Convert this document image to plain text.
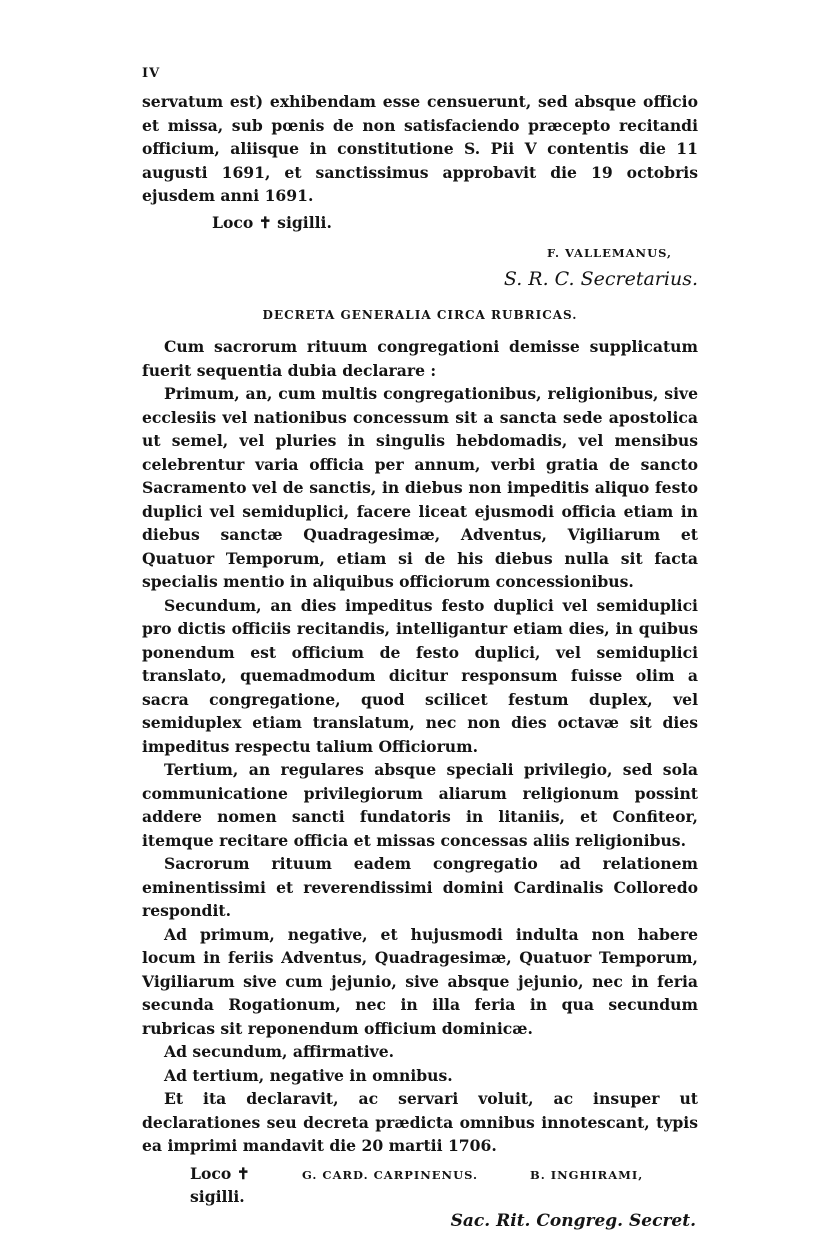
IV

servatum est) exhibendam esse censuerunt, sed absque officio et missa, sub pœnis de non satisfaciendo præcepto recitandi officium, aliisque in constitutione S. Pii V contentis die 11 augusti 1691, et sanctissimus approbavit die 19 octobris ejusdem anni 1691.

Loco ✝ sigilli.

F. VALLEMANUS,

S. R. C. Secretarius.

DECRETA GENERALIA CIRCA RUBRICAS.

Cum sacrorum rituum congregationi demisse supplicatum fuerit sequentia dubia declarare :

Primum, an, cum multis congregationibus, religionibus, sive ecclesiis vel nationibus concessum sit a sancta sede apostolica ut semel, vel pluries in singulis hebdomadis, vel mensibus celebrentur varia officia per annum, verbi gratia de sancto Sacramento vel de sanctis, in diebus non impeditis aliquo festo duplici vel semiduplici, facere liceat ejusmodi officia etiam in diebus sanctæ Quadragesimæ, Adventus, Vigiliarum et Quatuor Temporum, etiam si de his diebus nulla sit facta specialis mentio in aliquibus officiorum concessionibus.

Secundum, an dies impeditus festo duplici vel semiduplici pro dictis officiis recitandis, intelligantur etiam dies, in quibus ponendum est officium de festo duplici, vel semiduplici translato, quemadmodum dicitur responsum fuisse olim a sacra congregatione, quod scilicet festum duplex, vel semiduplex etiam translatum, nec non dies octavæ sit dies impeditus respectu talium Officiorum.

Tertium, an regulares absque speciali privilegio, sed sola communicatione privilegiorum aliarum religionum possint addere nomen sancti fundatoris in litaniis, et Confiteor, itemque recitare officia et missas concessas aliis religionibus.

Sacrorum rituum eadem congregatio ad relationem eminentissimi et reverendissimi domini Cardinalis Colloredo respondit.

Ad primum, negative, et hujusmodi indulta non habere locum in feriis Adventus, Quadragesimæ, Quatuor Temporum, Vigiliarum sive cum jejunio, sive absque jejunio, nec in feria secunda Rogationum, nec in illa feria in qua secundum rubricas sit reponendum officium dominicæ.

Ad secundum, affirmative.

Ad tertium, negative in omnibus.

Et ita declaravit, ac servari voluit, ac insuper ut declarationes seu decreta prædicta omnibus innotescant, typis ea imprimi mandavit die 20 martii 1706.

Loco ✝ sigilli.
G. CARD. CARPINENUS.	B. INGHIRAMI,

Sac. Rit. Congreg. Secret.
